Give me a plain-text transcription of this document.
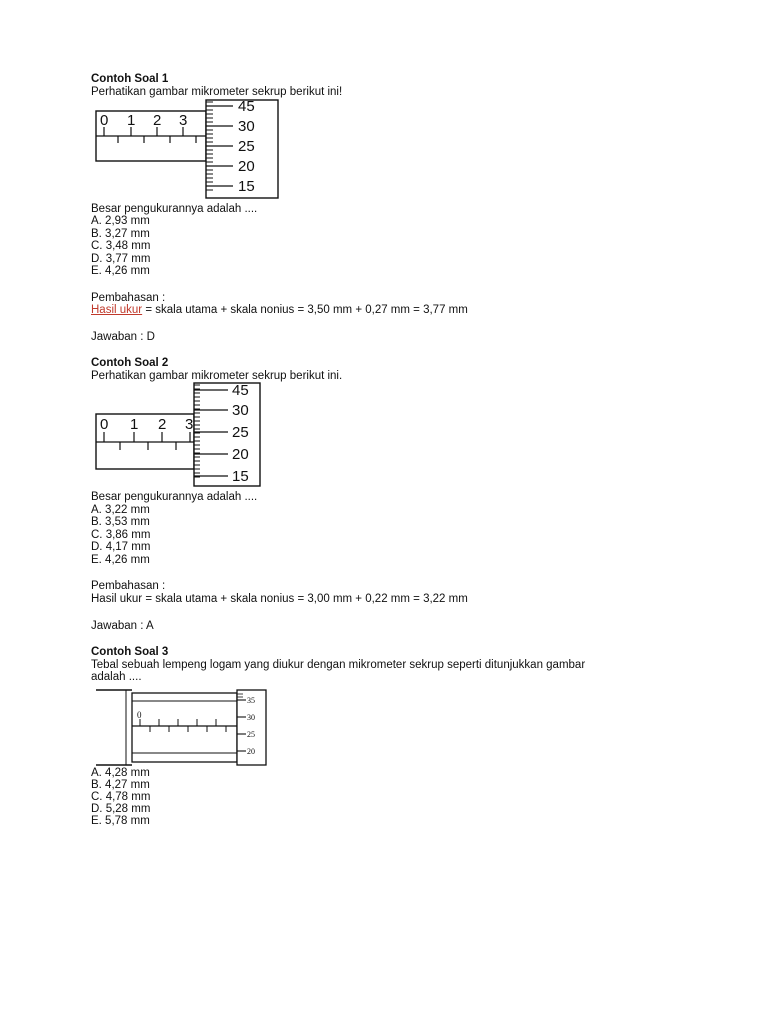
Contoh Soal 1
Perhatikan gambar mikrometer sekrup berikut ini!
0 1 2 3
45
30
25
20
15
Besar pengukurannya adalah ....
A. 2,93 mm
B. 3,27 mm
C. 3,48 mm
D. 3,77 mm
E. 4,26 mm
Pembahasan :
Hasil ukur = skala utama + skala nonius = 3,50 mm + 0,27 mm = 3,77 mm
Jawaban : D
Contoh Soal 2
Perhatikan gambar mikrometer sekrup berikut ini.
0 1 2 3
45
30
25
20
15
Besar pengukurannya adalah ....
A. 3,22 mm
B. 3,53 mm
C. 3,86 mm
D. 4,17 mm
E. 4,26 mm
Pembahasan :
Hasil ukur = skala utama + skala nonius = 3,00 mm + 0,22 mm = 3,22 mm
Jawaban : A
Contoh Soal 3
Tebal sebuah lempeng logam yang diukur dengan mikrometer sekrup seperti ditunjukkan gambar
adalah ....
0
35
30
25
20
A. 4,28 mm
B. 4,27 mm
C. 4,78 mm
D. 5,28 mm
E. 5,78 mm
